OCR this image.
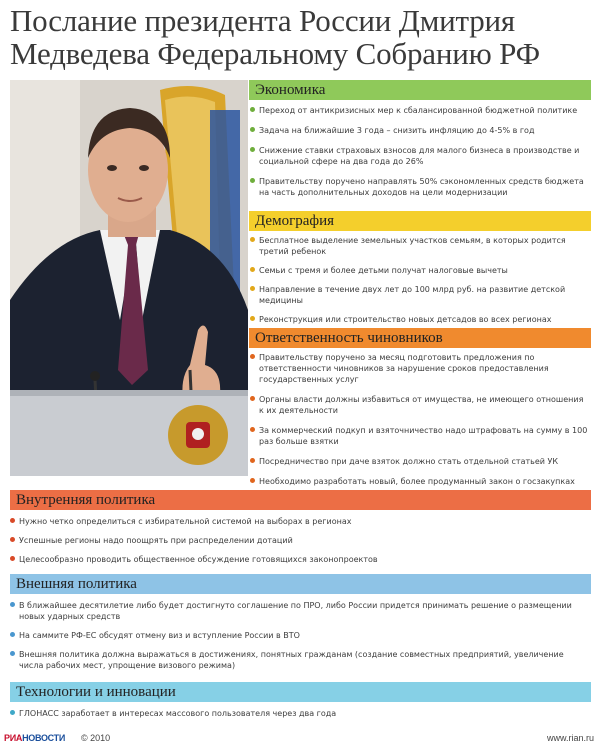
Послание президента России Дмитрия Медведева Федеральному Собранию РФ
Экономика
Переход от антикризисных мер к сбалансированной бюджетной политике
Задача на ближайшие 3 года – снизить инфляцию до 4-5% в год
Снижение ставки страховых взносов для малого бизнеса в производстве и социальной сфере на два года до 26%
Правительству поручено направлять 50% сэкономленных средств бюджета на часть дополнительных доходов на цели модернизации
Демография
Бесплатное выделение земельных участков семьям, в которых родится третий ребенок
Семьи с тремя и более детьми получат налоговые вычеты
Направление в течение двух лет до 100 млрд руб. на развитие детской медицины
Реконструкция или строительство новых детсадов во всех регионах
Ответственность чиновников
Правительству поручено за месяц подготовить предложения по ответственности чиновников за нарушение сроков предоставления государственных услуг
Органы власти должны избавиться от имущества, не имеющего отношения к их деятельности
За коммерческий подкуп и взяточничество надо штрафовать на сумму в 100 раз больше взятки
Посредничество при даче взяток должно стать отдельной статьей УК
Необходимо разработать новый, более продуманный закон о госзакупках
Внутренняя политика
Нужно четко определиться с избирательной системой на выборах в регионах
Успешные регионы надо поощрять при распределении дотаций
Целесообразно проводить общественное обсуждение готовящихся законопроектов
Внешняя политика
В ближайшее десятилетие либо будет достигнуто соглашение по ПРО, либо России придется принимать решение о размещении новых ударных средств
На саммите РФ-ЕС обсудят отмену виз и вступление России в ВТО
Внешняя политика должна выражаться в достижениях, понятных гражданам (создание совместных предприятий, увеличение числа рабочих мест, упрощение визового режима)
Технологии и инновации
ГЛОНАСС заработает в интересах массового пользователя через два года
РИАНОВОСТИ © 2010	www.rian.ru
